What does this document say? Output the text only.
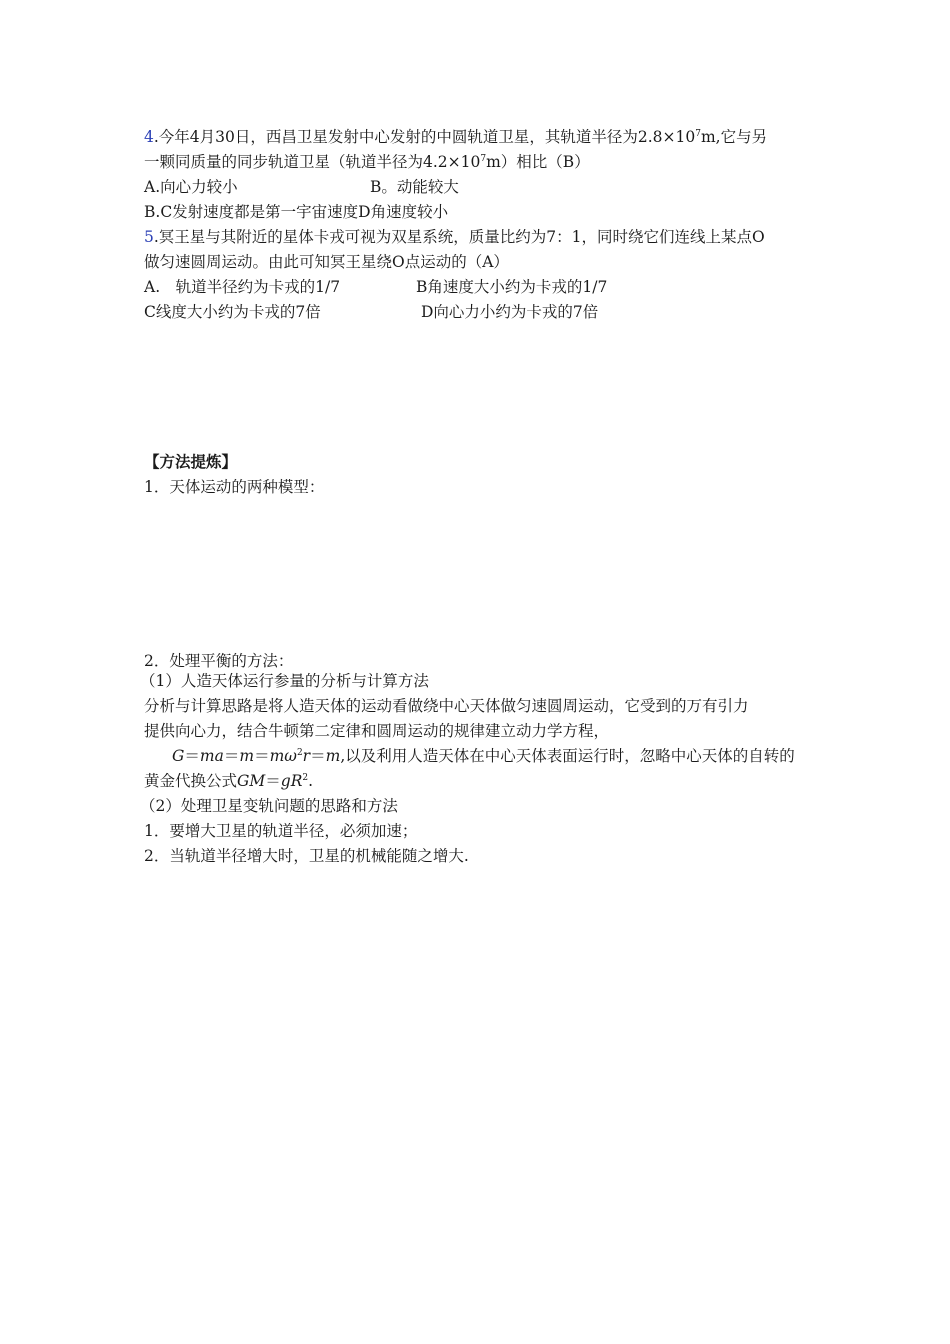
4.今年4月30日，西昌卫星发射中心发射的中圆轨道卫星，其轨道半径为$2.8\times 10^7m$,它与另
一颗同质量的同步轨道卫星（轨道半径为$4.2\times 10^7m$）相比（B）
A.向心力较小	B。动能较大
B.C发射速度都是第一宇宙速度D角速度较小
5.冥王星与其附近的星体卡戎可视为双星系统，质量比约为7：1，同时绕它们连线上某点O
做匀速圆周运动。由此可知冥王星绕O点运动的（A）
A.　轨道半径约为卡戎的1/7	B角速度大小约为卡戎的1/7
C线度大小约为卡戎的7倍	D向心力小约为卡戎的7倍
【方法提炼】
1．天体运动的两种模型：
2．处理平衡的方法：
（1）人造天体运行参量的分析与计算方法
分析与计算思路是将人造天体的运动看做绕中心天体做匀速圆周运动，它受到的万有引力
提供向心力，结合牛顿第二定律和圆周运动的规律建立动力学方程，
$G=ma=m=m\omega^2r=m$,以及利用人造天体在中心天体表面运行时，忽略中心天体的自转的
黄金代换公式$GM=gR^2$.
（2）处理卫星变轨问题的思路和方法
1．要增大卫星的轨道半径，必须加速；
2．当轨道半径增大时，卫星的机械能随之增大.
